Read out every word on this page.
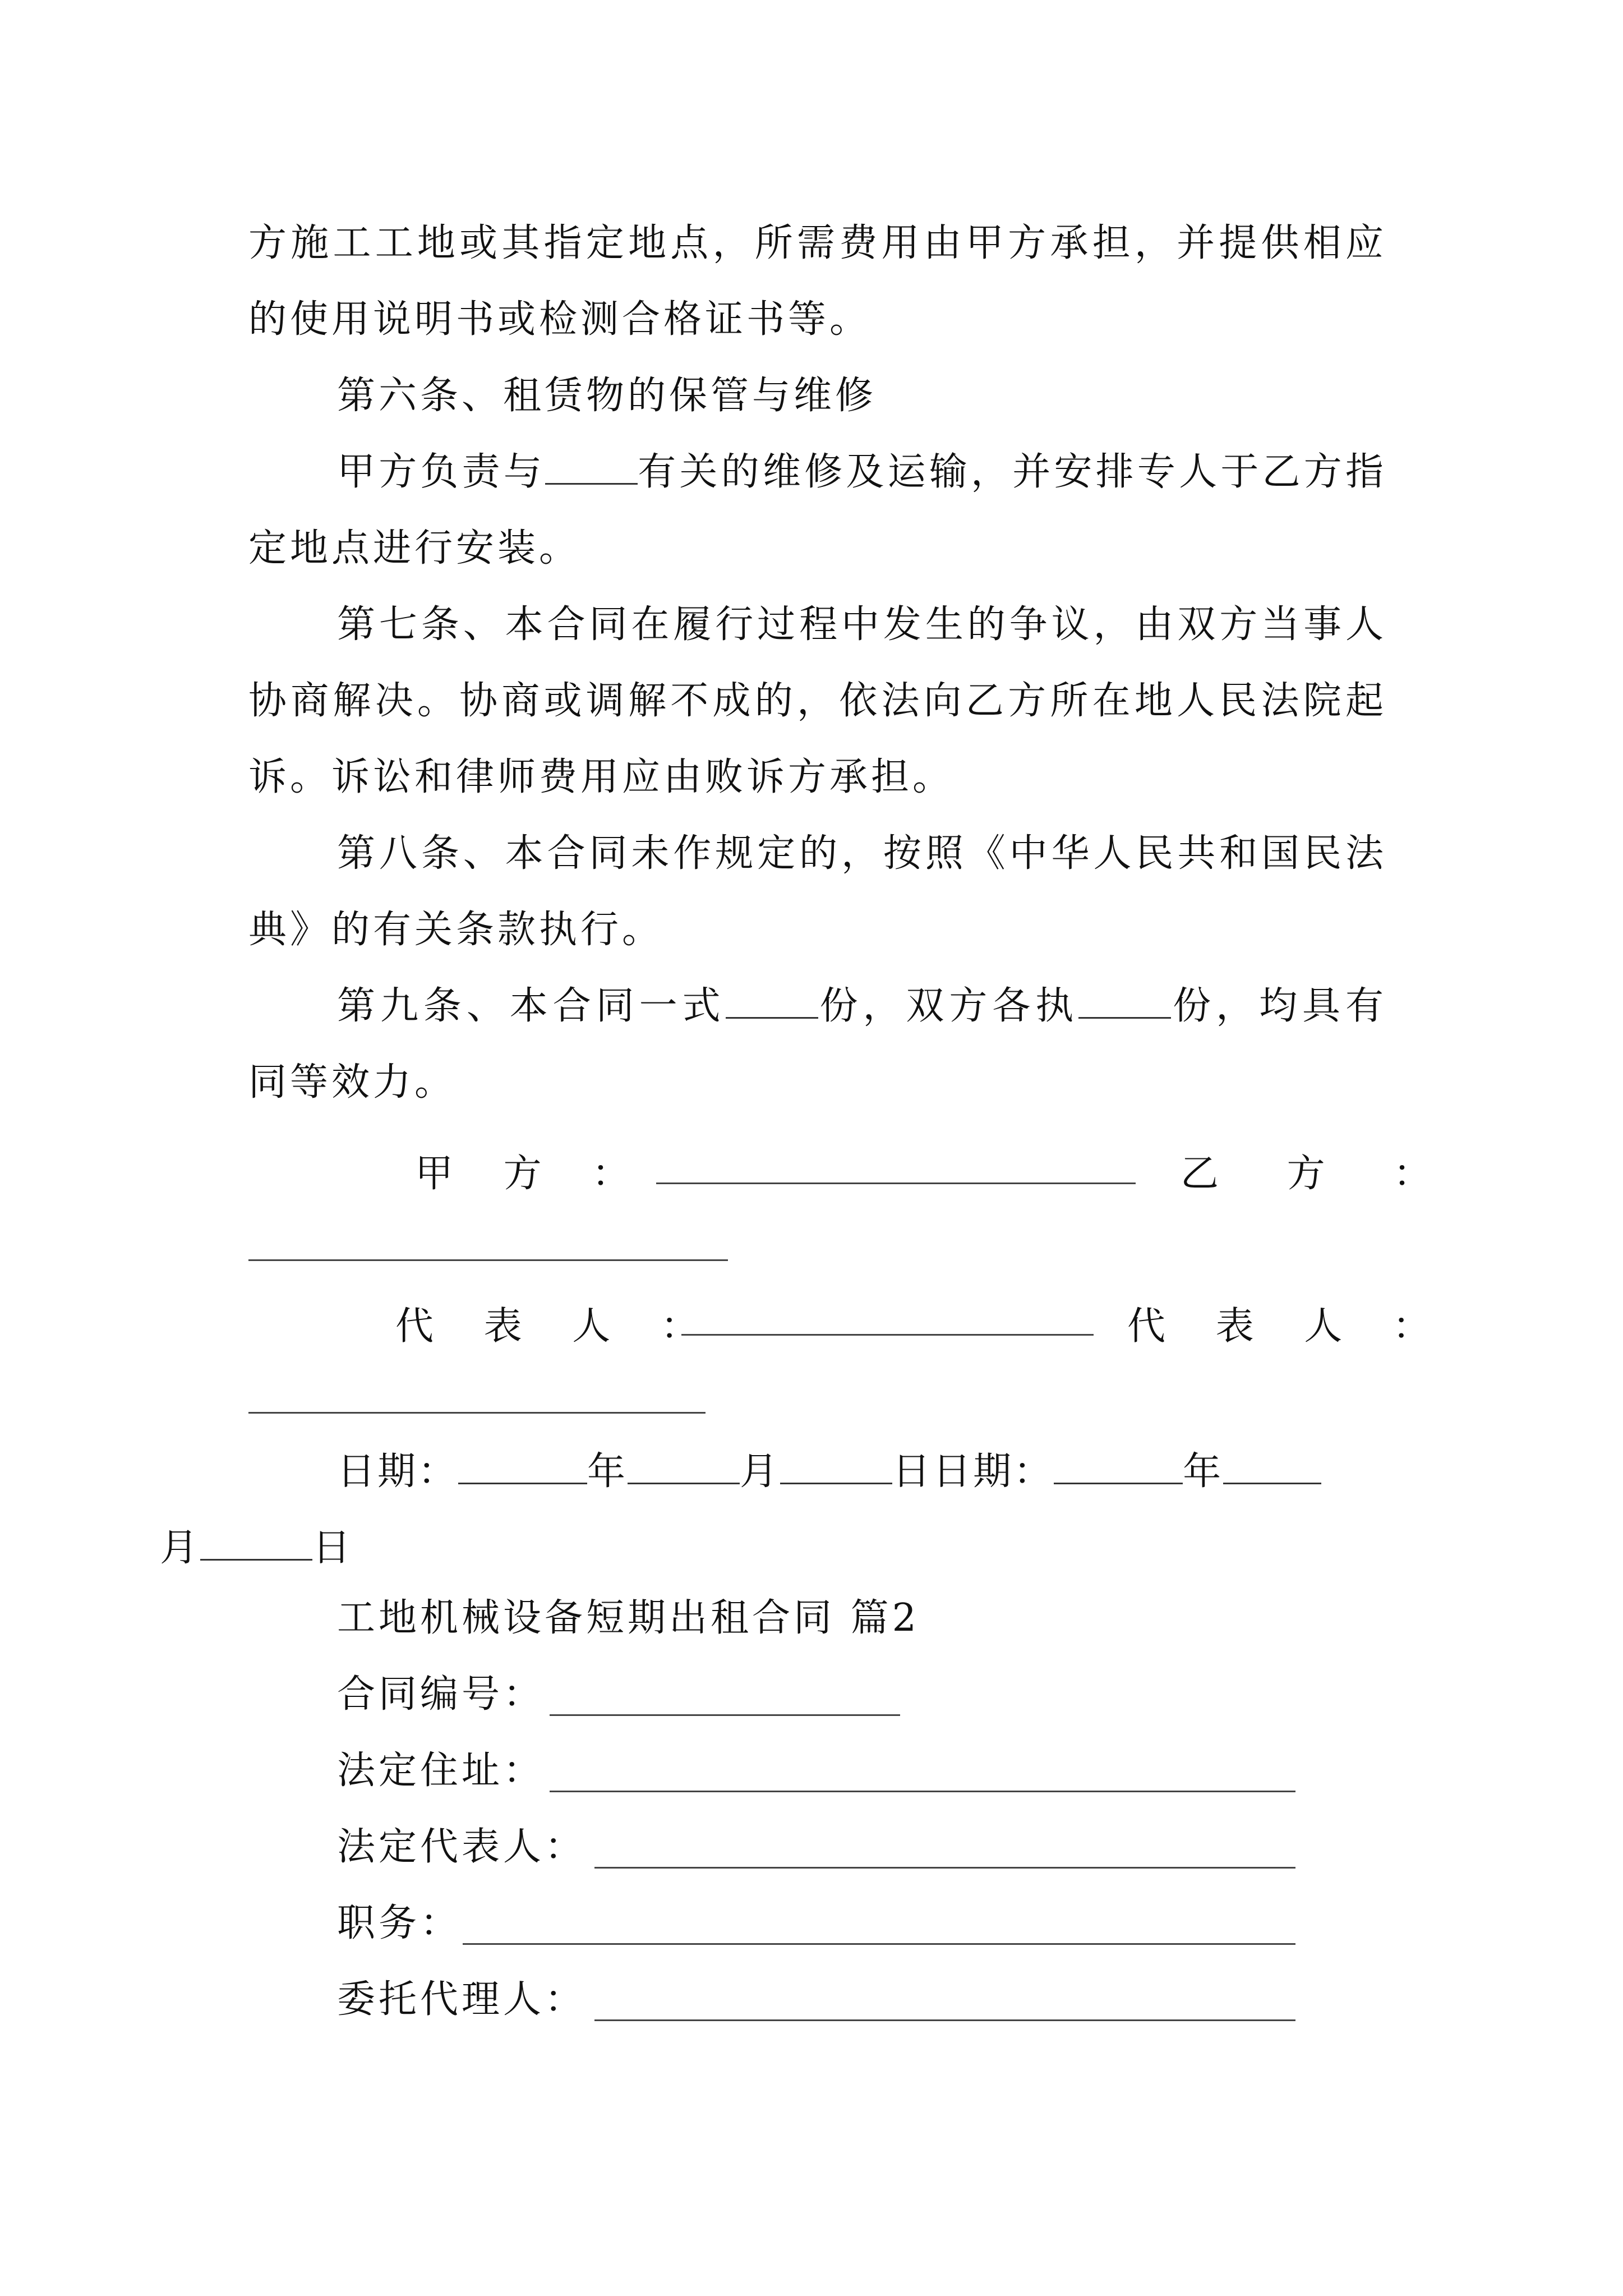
方施工工地或其指定地点，所需费用由甲方承担，并提供相应的使用说明书或检测合格证书等。

第六条、租赁物的保管与维修

甲方负责与 有关的维修及运输，并安排专人于乙方指定地点进行安装。

第七条、本合同在履行过程中发生的争议，由双方当事人协商解决。协商或调解不成的，依法向乙方所在地人民法院起诉。诉讼和律师费用应由败诉方承担。

第八条、本合同未作规定的，按照《中华人民共和国民法典》的有关条款执行。

第九条、本合同一式 份，双方各执 份，均具有同等效力。

甲 方 ：	乙 方 ：
代 表 人 ：	代 表 人 ：

日期：	年	月	日日期：	年
月	日

工地机械设备短期出租合同 篇2
合同编号：
法定住址：
法定代表人：
职务：
委托代理人：
